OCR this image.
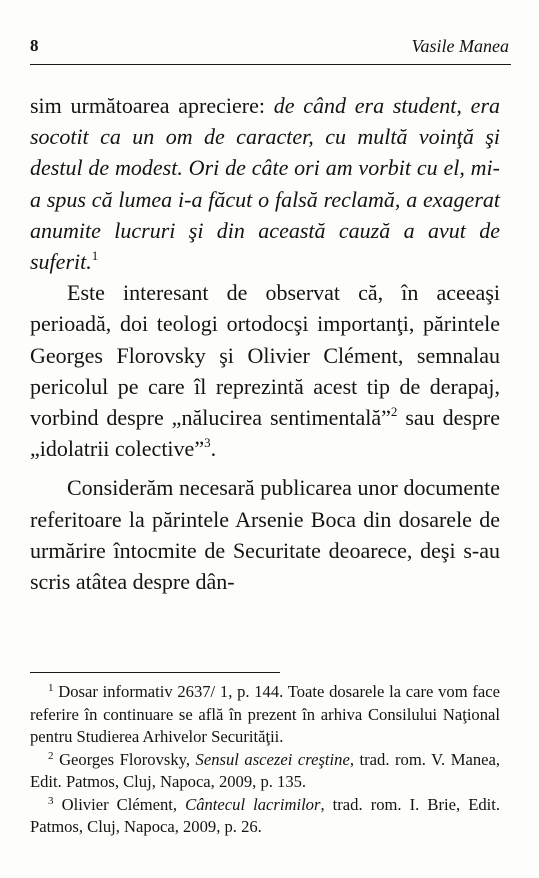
8	Vasile Manea

sim următoarea apreciere: de când era student, era socotit ca un om de caracter, cu multă voinţă şi destul de modest. Ori de câte ori am vorbit cu el, mi-a spus că lumea i-a făcut o falsă reclamă, a exagerat anumite lucruri şi din această cauză a avut de suferit.$^1$

Este interesant de observat că, în aceeaşi perioadă, doi teologi ortodocşi importanţi, părintele Georges Florovsky şi Olivier Clément, semnalau pericolul pe care îl reprezintă acest tip de derapaj, vorbind despre „nălucirea sentimentală”$^2$ sau despre „idolatrii colective”$^3$.

Considerăm necesară publicarea unor documente referitoare la părintele Arsenie Boca din dosarele de urmărire întocmite de Securitate deoarece, deşi s-au scris atâtea despre dân-

$^1$ Dosar informativ 2637/ 1, p. 144. Toate dosarele la care vom face referire în continuare se află în prezent în arhiva Consilului Naţional pentru Studierea Arhivelor Securităţii.

$^2$ Georges Florovsky, Sensul ascezei creştine, trad. rom. V. Manea, Edit. Patmos, Cluj, Napoca, 2009, p. 135.

$^3$ Olivier Clément, Cântecul lacrimilor, trad. rom. I. Brie, Edit. Patmos, Cluj, Napoca, 2009, p. 26.
